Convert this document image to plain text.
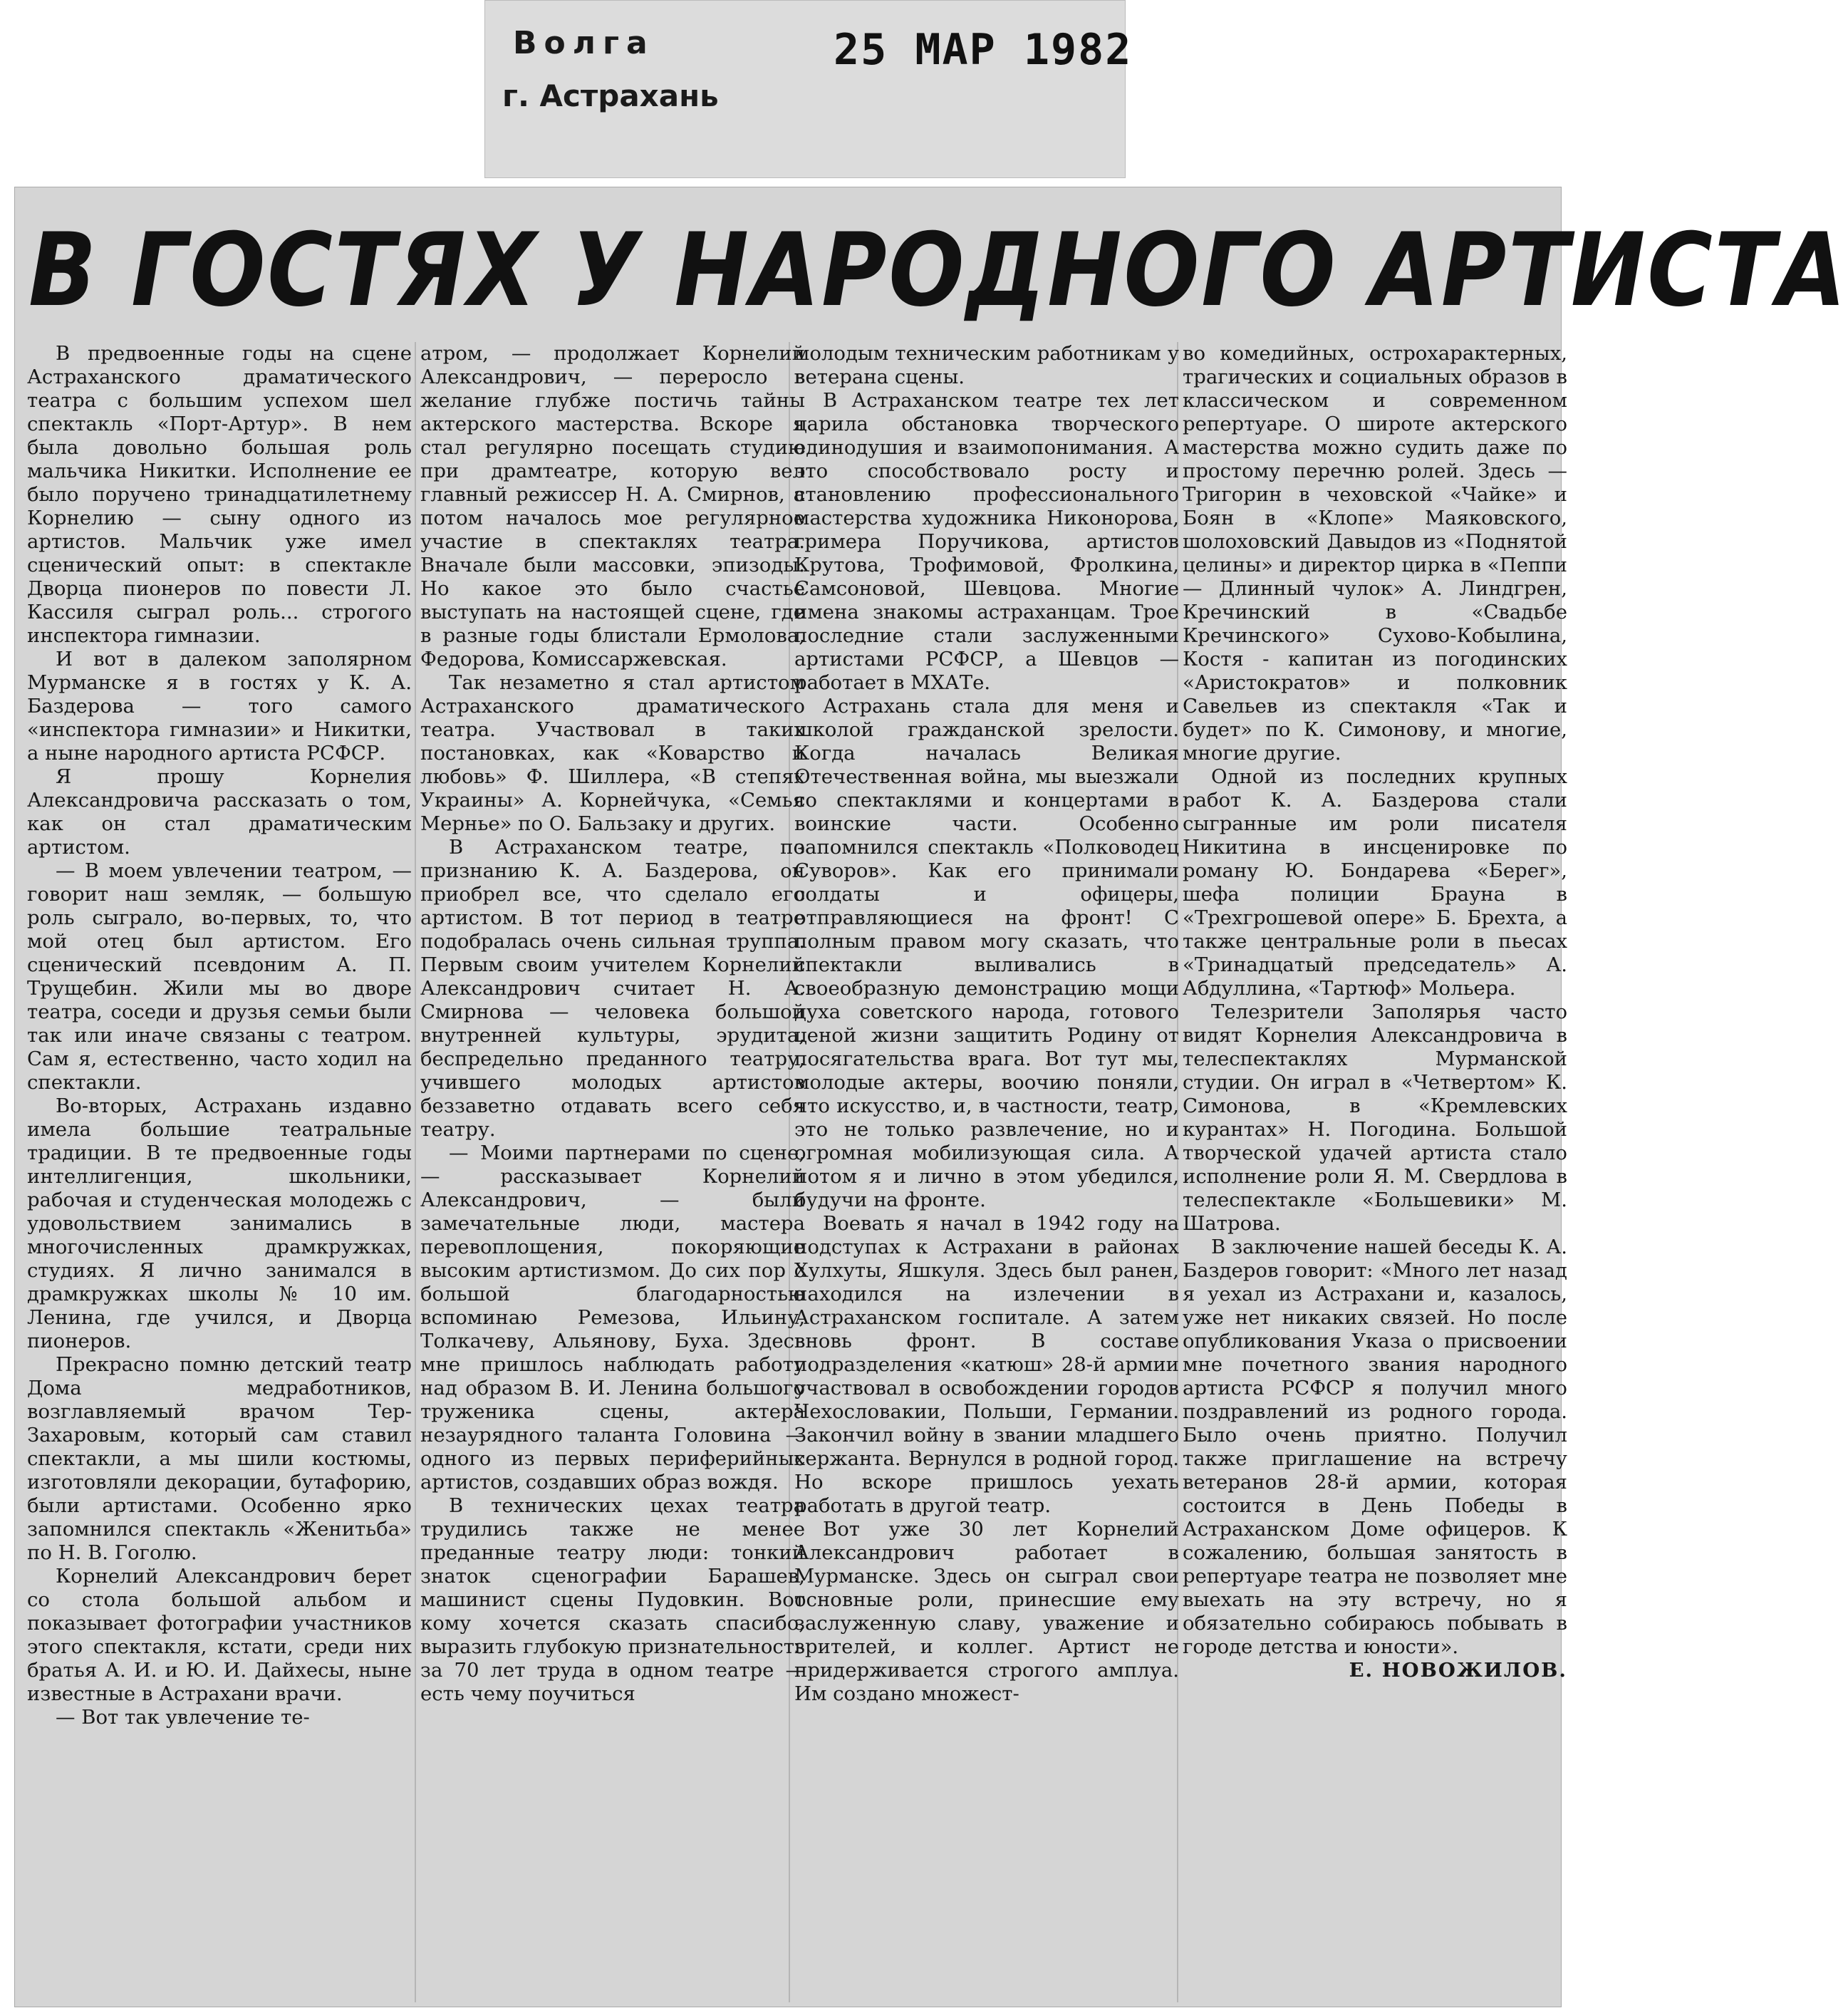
Волга
г. Астрахань
25 МАР 1982
В ГОСТЯХ У НАРОДНОГО АРТИСТА

В предвоенные годы на сцене Астраханского драматического театра с большим успехом шел спектакль «Порт-Артур». В нем была довольно большая роль мальчика Никитки. Исполнение ее было поручено тринадцатилетнему Корнелию — сыну одного из артистов. Мальчик уже имел сценический опыт: в спектакле Дворца пионеров по повести Л. Кассиля сыграл роль... строгого инспектора гимназии.

И вот в далеком заполярном Мурманске я в гостях у К. А. Баздерова — того самого «инспектора гимназии» и Никитки, а ныне народного артиста РСФСР.

Я прошу Корнелия Александровича рассказать о том, как он стал драматическим артистом.

— В моем увлечении театром, — говорит наш земляк, — большую роль сыграло, во-первых, то, что мой отец был артистом. Его сценический псевдоним А. П. Трущебин. Жили мы во дворе театра, соседи и друзья семьи были так или иначе связаны с театром. Сам я, естественно, часто ходил на спектакли.

Во-вторых, Астрахань издавно имела большие театральные традиции. В те предвоенные годы интеллигенция, школьники, рабочая и студенческая молодежь с удовольствием занимались в многочисленных драмкружках, студиях. Я лично занимался в драмкружках школы № 10 им. Ленина, где учился, и Дворца пионеров.

Прекрасно помню детский театр Дома медработников, возглавляемый врачом Тер-Захаровым, который сам ставил спектакли, а мы шили костюмы, изготовляли декорации, бутафорию, были артистами. Особенно ярко запомнился спектакль «Женитьба» по Н. В. Гоголю.

Корнелий Александрович берет со стола большой альбом и показывает фотографии участников этого спектакля, кстати, среди них братья А. И. и Ю. И. Дайхесы, ныне известные в Астрахани врачи.

— Вот так увлечение те-

атром, — продолжает Корнелий Александрович, — переросло в желание глубже постичь тайны актерского мастерства. Вскоре я стал регулярно посещать студию при драмтеатре, которую вел главный режиссер Н. А. Смирнов, а потом началось мое регулярное участие в спектаклях театра. Вначале были массовки, эпизоды. Но какое это было счастье выступать на настоящей сцене, где в разные годы блистали Ермолова, Федорова, Комиссаржевская.

Так незаметно я стал артистом Астраханского драматического театра. Участвовал в таких постановках, как «Коварство и любовь» Ф. Шиллера, «В степях Украины» А. Корнейчука, «Семья Мерньe» по О. Бальзаку и других.

В Астраханском театре, по признанию К. А. Баздерова, он приобрел все, что сделало его артистом. В тот период в театре подобралась очень сильная труппа. Первым своим учителем Корнелий Александрович считает Н. А. Смирнова — человека большой внутренней культуры, эрудита, беспредельно преданного театру, учившего молодых артистов беззаветно отдавать всего себя театру.

— Моими партнерами по сцене, — рассказывает Корнелий Александрович, — были замечательные люди, мастера перевоплощения, покоряющие высоким артистизмом. До сих пор с большой благодарностью вспоминаю Ремезова, Ильину, Толкачеву, Альянову, Буха. Здесь мне пришлось наблюдать работу над образом В. И. Ленина большого труженика сцены, актера незаурядного таланта Головина — одного из первых периферийных артистов, создавших образ вождя.

В технических цехах театра трудились также не менее преданные театру люди: тонкий знаток сценографии Барашев, машинист сцены Пудовкин. Вот кому хочется сказать спасибо, выразить глубокую признательность за 70 лет труда в одном театре — есть чему поучиться

молодым техническим работникам у ветерана сцены.

В Астраханском театре тех лет царила обстановка творческого единодушия и взаимопонимания. А это способствовало росту и становлению профессионального мастерства художника Никонорова, гримера Поручикова, артистов Крутова, Трофимовой, Фролкина, Самсоновой, Шевцова. Многие имена знакомы астраханцам. Трое последние стали заслуженными артистами РСФСР, а Шевцов — работает в МХАТе.

Астрахань стала для меня и школой гражданской зрелости. Когда началась Великая Отечественная война, мы выезжали со спектаклями и концертами в воинские части. Особенно запомнился спектакль «Полководец Суворов». Как его принимали солдаты и офицеры, отправляющиеся на фронт! С полным правом могу сказать, что спектакли выливались в своеобразную демонстрацию мощи духа советского народа, готового ценой жизни защитить Родину от посягательства врага. Вот тут мы, молодые актеры, воочию поняли, что искусство, и, в частности, театр, это не только развлечение, но и огромная мобилизующая сила. А потом я и лично в этом убедился, будучи на фронте.

Воевать я начал в 1942 году на подступах к Астрахани в районах Хулхуты, Яшкуля. Здесь был ранен, находился на излечении в Астраханском госпитале. А затем вновь фронт. В составе подразделения «катюш» 28-й армии участвовал в освобождении городов Чехословакии, Польши, Германии. Закончил войну в звании младшего сержанта. Вернулся в родной город. Но вскоре пришлось уехать работать в другой театр.

Вот уже 30 лет Корнелий Александрович работает в Мурманске. Здесь он сыграл свои основные роли, принесшие ему заслуженную славу, уважение и зрителей, и коллег. Артист не придерживается строгого амплуа. Им создано множест-

во комедийных, острохарактерных, трагических и социальных образов в классическом и современном репертуаре. О широте актерского мастерства можно судить даже по простому перечню ролей. Здесь — Тригорин в чеховской «Чайке» и Боян в «Клопе» Маяковского, шолоховский Давыдов из «Поднятой целины» и директор цирка в «Пеппи — Длинный чулок» А. Линдгрен, Кречинский в «Свадьбе Кречинского» Сухово-Кобылина, Костя - капитан из погодинских «Аристократов» и полковник Савельев из спектакля «Так и будет» по К. Симонову, и многие, многие другие.

Одной из последних крупных работ К. А. Баздерова стали сыгранные им роли писателя Никитина в инсценировке по роману Ю. Бондарева «Берег», шефа полиции Брауна в «Трехгрошевой опере» Б. Брехта, а также центральные роли в пьесах «Тринадцатый председатель» А. Абдуллина, «Тартюф» Мольера.

Телезрители Заполярья часто видят Корнелия Александровича в телеспектаклях Мурманской студии. Он играл в «Четвертом» К. Симонова, в «Кремлевских курантах» Н. Погодина. Большой творческой удачей артиста стало исполнение роли Я. М. Свердлова в телеспектакле «Большевики» М. Шатрова.

В заключение нашей беседы К. А. Баздеров говорит: «Много лет назад я уехал из Астрахани и, казалось, уже нет никаких связей. Но после опубликования Указа о присвоении мне почетного звания народного артиста РСФСР я получил много поздравлений из родного города. Было очень приятно. Получил также приглашение на встречу ветеранов 28-й армии, которая состоится в День Победы в Астраханском Доме офицеров. К сожалению, большая занятость в репертуаре театра не позволяет мне выехать на эту встречу, но я обязательно собираюсь побывать в городе детства и юности».

Е. НОВОЖИЛОВ.
